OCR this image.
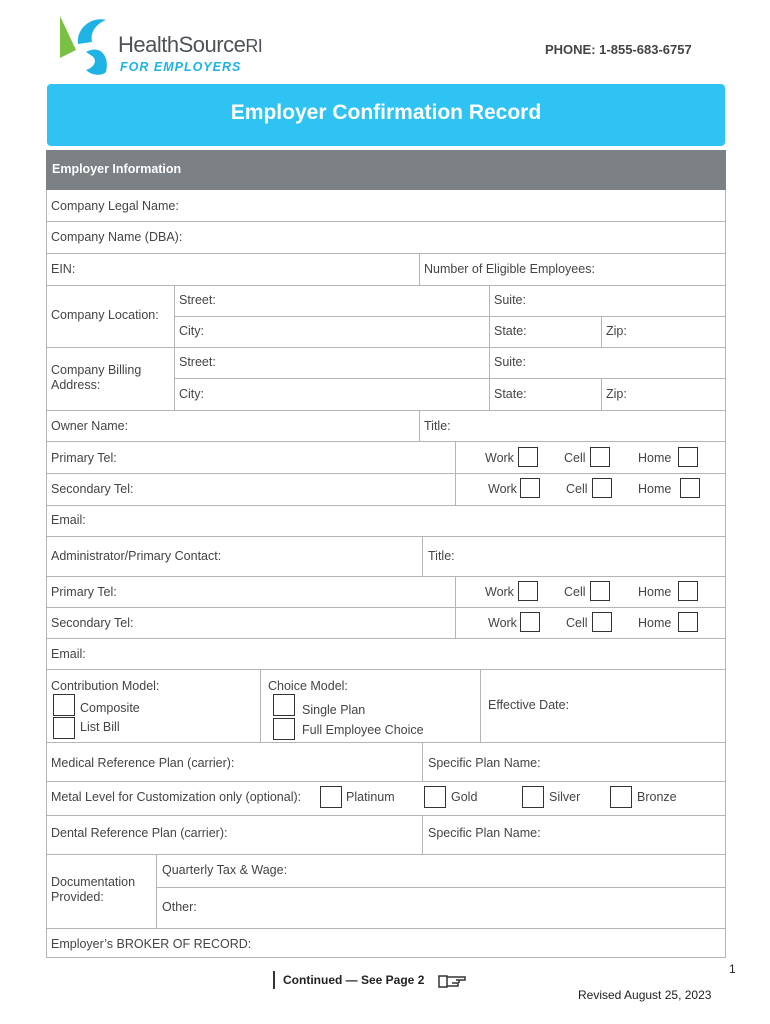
HealthSourceRI
FOR EMPLOYERS
PHONE: 1-855-683-6757
Employer Confirmation Record
Employer Information
Company Legal Name:
Company Name (DBA):
EIN:	Number of Eligible Employees:
Company Location:
Street:	Suite:
City:	State:	Zip:
Company Billing Address:
Street:	Suite:
City:	State:	Zip:
Owner Name:	Title:
Primary Tel:	Work	Cell	Home
Secondary Tel:	Work	Cell	Home
Email:
Administrator/Primary Contact:	Title:
Primary Tel:	Work	Cell	Home
Secondary Tel:	Work	Cell	Home
Email:
Contribution Model:
Composite
List Bill
Choice Model:
Single Plan
Full Employee Choice
Effective Date:
Medical Reference Plan (carrier):	Specific Plan Name:
Metal Level for Customization only (optional):	Platinum	Gold	Silver	Bronze
Dental Reference Plan (carrier):	Specific Plan Name:
Documentation Provided:
Quarterly Tax & Wage:
Other:
Employer’s BROKER OF RECORD:
1
Continued — See Page 2
Revised August 25, 2023
